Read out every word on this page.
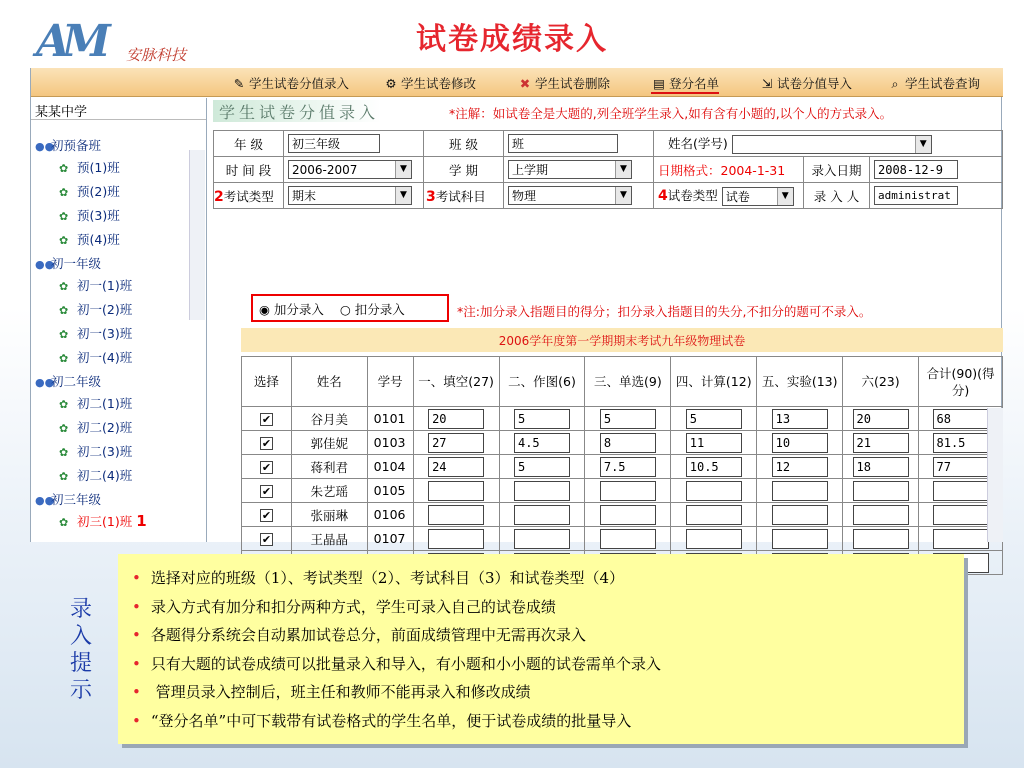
AM 安脉科技	试卷成绩录入
✎ 学生试卷分值录入	⚙ 学生试卷修改	✖ 学生试卷删除	▤ 登分名单	⇲ 试卷分值导入	⌕ 学生试卷查询
某某中学
●●初预备班
✿ 预(1)班
✿ 预(2)班
✿ 预(3)班
✿ 预(4)班
●●初一年级
✿ 初一(1)班
✿ 初一(2)班
✿ 初一(3)班
✿ 初一(4)班
●●初二年级
✿ 初二(1)班
✿ 初二(2)班
✿ 初二(3)班
✿ 初二(4)班
●●初三年级
✿ 初三(1)班 1
学生试卷分值录入	*注解：如试卷全是大题的,列全班学生录入,如有含有小题的,以个人的方式录入。
年 级	初三年级	班 级	班	姓名(学号) ▼		

时 间 段	2006-2007 ▼	学 期	上学期 ▼	日期格式：2004-1-31	录入日期	2008-12-9
2考试类型	期末 ▼	3考试科目	物理 ▼	4试卷类型 试卷 ▼	录 入 人	administrat
◉ 加分录入 ○ 扣分录入	*注:加分录入指题目的得分；扣分录入指题目的失分,不扣分的题可不录入。
2006学年度第一学期期末考试九年级物理试卷
选择	姓名	学号	一、填空(27)	二、作图(6)	三、单选(9)	四、计算(12)	五、实验(13)	六(23)	合计(90)(得分)
✔	谷月美	0101	20	5	5	5	13	20	68
✔	郭佳妮	0103	27	4.5	8	11	10	21	81.5
✔	蒋利君	0104	24	5	7.5	10.5	12	18	77
✔	朱艺瑶	0105							
✔	张丽琳	0106							
✔	王晶晶	0107							

录入提示
• 选择对应的班级（1）、考试类型（2）、考试科目（3）和试卷类型（4）
• 录入方式有加分和扣分两种方式，学生可录入自己的试卷成绩
• 各题得分系统会自动累加试卷总分，前面成绩管理中无需再次录入
• 只有大题的试卷成绩可以批量录入和导入，有小题和小小题的试卷需单个录入
• 管理员录入控制后，班主任和教师不能再录入和修改成绩
• “登分名单”中可下载带有试卷格式的学生名单，便于试卷成绩的批量导入
